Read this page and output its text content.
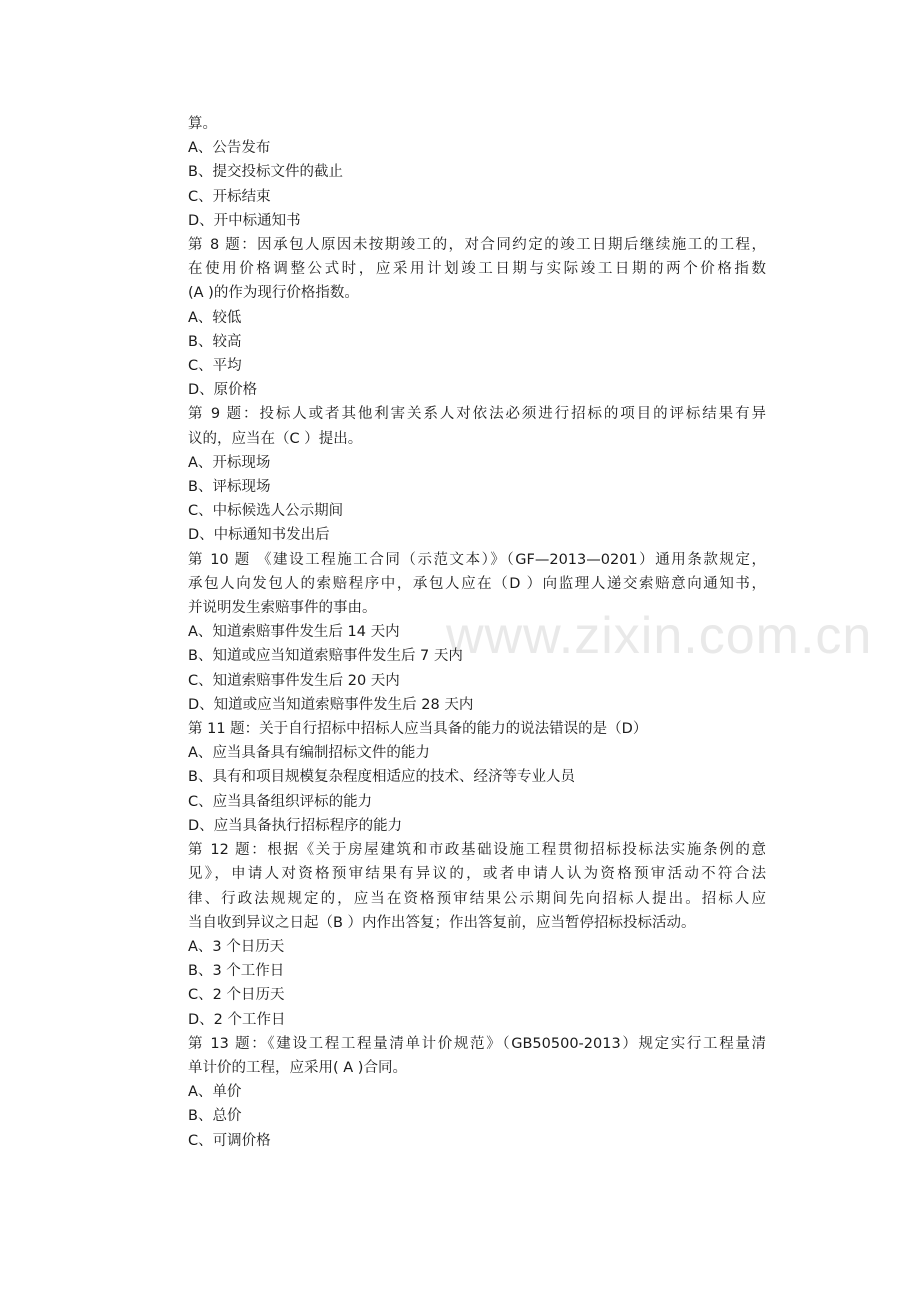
www.zixin.com.cn
算。
A、公告发布
B、提交投标文件的截止
C、开标结束
D、开中标通知书
第 8 题：因承包人原因未按期竣工的，对合同约定的竣工日期后继续施工的工程，
在使用价格调整公式时，应采用计划竣工日期与实际竣工日期的两个价格指数
(A )的作为现行价格指数。
A、较低
B、较高
C、平均
D、原价格
第 9 题：投标人或者其他利害关系人对依法必须进行招标的项目的评标结果有异
议的，应当在（C ）提出。
A、开标现场
B、评标现场
C、中标候选人公示期间
D、中标通知书发出后
第 10 题 《建设工程施工合同（示范文本）》（GF—2013—0201）通用条款规定，
承包人向发包人的索赔程序中，承包人应在（D ）向监理人递交索赔意向通知书，
并说明发生索赔事件的事由。
A、知道索赔事件发生后 14 天内
B、知道或应当知道索赔事件发生后 7 天内
C、知道索赔事件发生后 20 天内
D、知道或应当知道索赔事件发生后 28 天内
第 11 题：关于自行招标中招标人应当具备的能力的说法错误的是（D）
A、应当具备具有编制招标文件的能力
B、具有和项目规模复杂程度相适应的技术、经济等专业人员
C、应当具备组织评标的能力
D、应当具备执行招标程序的能力
第 12 题：根据《关于房屋建筑和市政基础设施工程贯彻招标投标法实施条例的意
见》，申请人对资格预审结果有异议的，或者申请人认为资格预审活动不符合法
律、行政法规规定的，应当在资格预审结果公示期间先向招标人提出。招标人应
当自收到异议之日起（B ）内作出答复；作出答复前，应当暂停招标投标活动。
A、3 个日历天
B、3 个工作日
C、2 个日历天
D、2 个工作日
第 13 题：《建设工程工程量清单计价规范》（GB50500-2013）规定实行工程量清
单计价的工程，应采用( A )合同。
A、单价
B、总价
C、可调价格
